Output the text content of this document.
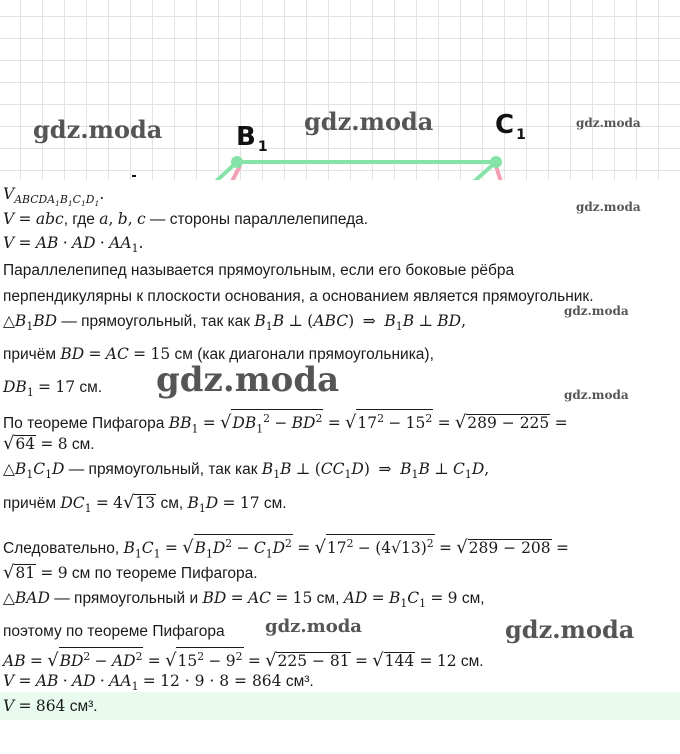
B $_1$
C $_1$
gdz.moda	gdz.moda	gdz.moda
gdz.moda
gdz.moda
gdz.moda	gdz.moda
gdz.moda	gdz.moda
$V_{ABCDA_1B_1C_1D_1}$.
V = abc, где a, b, c — стороны параллелепипеда.
V = AB · AD · $AA_1$.
Параллелепипед называется прямоугольным, если его боковые рёбра
перпендикулярны к плоскости основания, а основанием является прямоугольник.
$\triangle B_1BD$ — прямоугольный, так как $B_1B$ ⊥ (ABC) ⇒ $B_1B$ ⊥ BD,
причём BD = AC = 15 см (как диагонали прямоугольника),
$DB_1 = 17$ см.
По теореме Пифагора $BB_1 = √DB_1^2 - BD^2 = √17^2 - 15^2 = √289 - 225$ =
√64 = 8 см.
$\triangle B_1C_1D$ — прямоугольный, так как $B_1B$ ⊥ $(CC_1D)$ ⇒ $B_1B$ ⊥ $C_1D$,
причём $DC_1 = 4√13$ см, $B_1D = 17$ см.
Следовательно, $B_1C_1 = √B_1D^2 - C_1D^2 = √17^2 - (4√13)^2 = √289 - 208$ =
√81 = 9 см по теореме Пифагора.
△BAD — прямоугольный и BD = AC = 15 см, AD = $B_1C_1 = 9$ см,
поэтому по теореме Пифагора
AB = $√BD^2 - AD^2 = √15^2 - 9^2 = √225 - 81 = √144 = 12$ см.
V = AB · AD · $AA_1 = 12 \cdot 9 \cdot 8 = 864$ см³.
V = 864 см³.
